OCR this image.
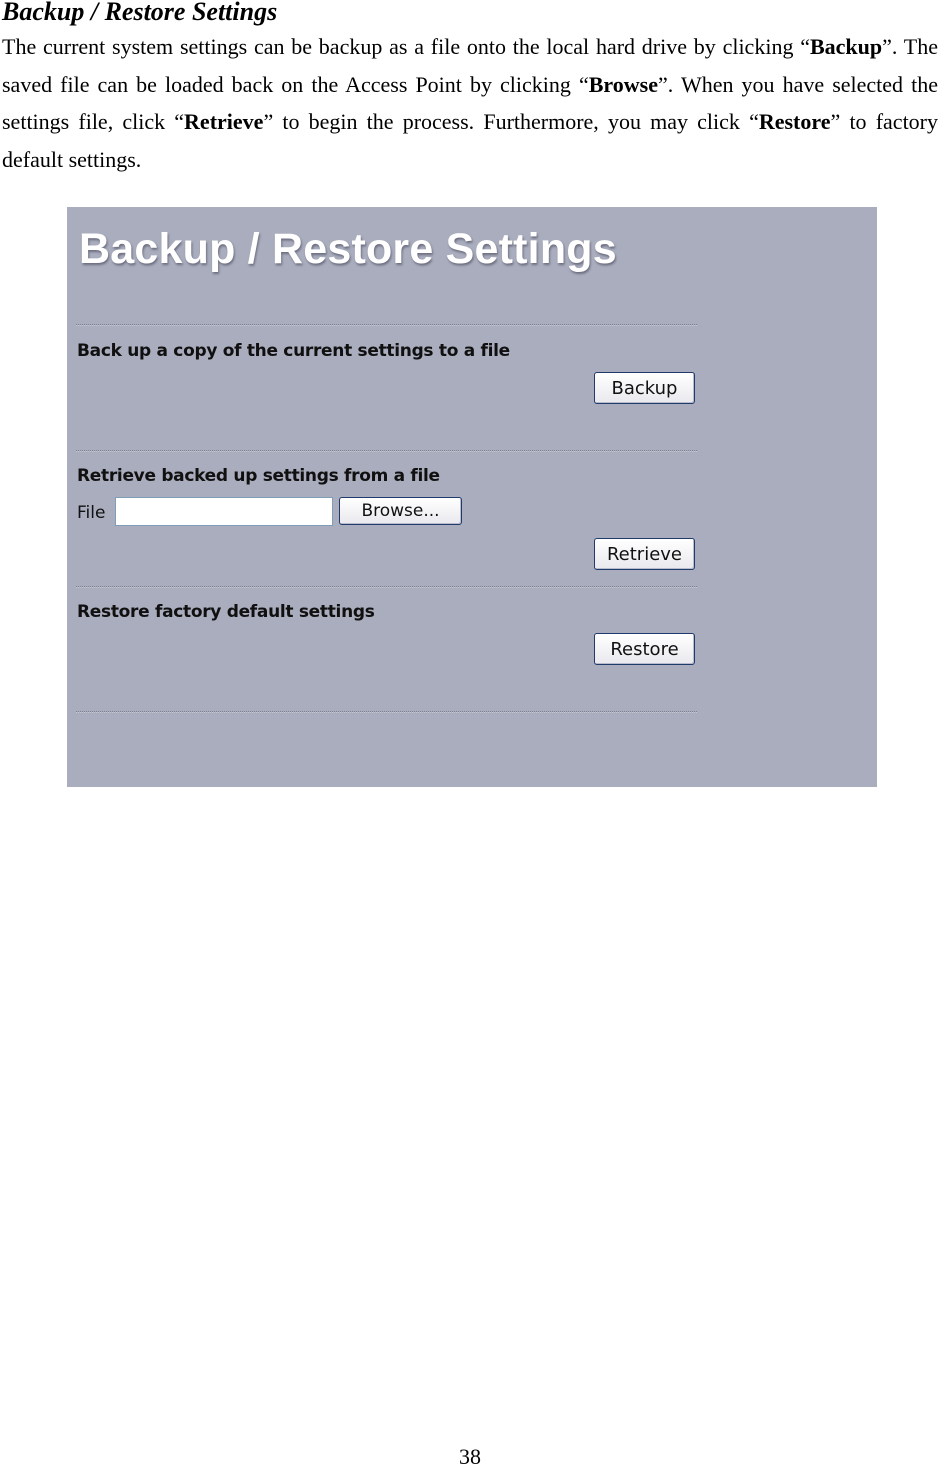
Backup / Restore Settings

The current system settings can be backup as a file onto the local hard drive by clicking “Backup”. The saved file can be loaded back on the Access Point by clicking “Browse”. When you have selected the settings file, click “Retrieve” to begin the process. Furthermore, you may click “Restore” to factory default settings.

Backup / Restore Settings

Back up a copy of the current settings to a file

Backup

Retrieve backed up settings from a file

File	Browse...
Retrieve

Restore factory default settings

Restore
38
